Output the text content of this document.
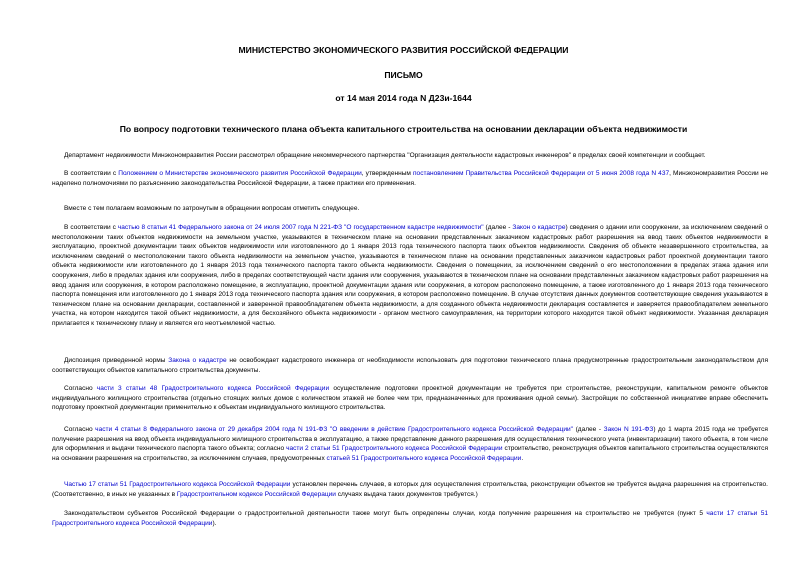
МИНИСТЕРСТВО ЭКОНОМИЧЕСКОГО РАЗВИТИЯ РОССИЙСКОЙ ФЕДЕРАЦИИ
ПИСЬМО
от 14 мая 2014 года N Д23и-1644
По вопросу подготовки технического плана объекта капитального строительства на основании декларации объекта недвижимости

Департамент недвижимости Минэкономразвития России рассмотрел обращение некоммерческого партнерства "Организация деятельности кадастровых инженеров" в пределах своей компетенции и сообщает.

В соответствии с Положением о Министерстве экономического развития Российской Федерации, утвержденным постановлением Правительства Российской Федерации от 5 июня 2008 года N 437, Минэкономразвития России не наделено полномочиями по разъяснению законодательства Российской Федерации, а также практики его применения.

Вместе с тем полагаем возможным по затронутым в обращении вопросам отметить следующее.

В соответствии с частью 8 статьи 41 Федерального закона от 24 июля 2007 года N 221-ФЗ "О государственном кадастре недвижимости" (далее - Закон о кадастре) сведения о здании или сооружении, за исключением сведений о местоположении таких объектов недвижимости на земельном участке, указываются в техническом плане на основании представленных заказчиком кадастровых работ разрешения на ввод таких объектов недвижимости в эксплуатацию, проектной документации таких объектов недвижимости или изготовленного до 1 января 2013 года технического паспорта таких объектов недвижимости. Сведения об объекте незавершенного строительства, за исключением сведений о местоположении такого объекта недвижимости на земельном участке, указываются в техническом плане на основании представленных заказчиком кадастровых работ проектной документации такого объекта недвижимости или изготовленного до 1 января 2013 года технического паспорта такого объекта недвижимости. Сведения о помещении, за исключением сведений о его местоположении в пределах этажа здания или сооружения, либо в пределах здания или сооружения, либо в пределах соответствующей части здания или сооружения, указываются в техническом плане на основании представленных заказчиком кадастровых работ разрешения на ввод здания или сооружения, в котором расположено помещение, в эксплуатацию, проектной документации здания или сооружения, в котором расположено помещение, а также изготовленного до 1 января 2013 года технического паспорта помещения или изготовленного до 1 января 2013 года технического паспорта здания или сооружения, в котором расположено помещение. В случае отсутствия данных документов соответствующие сведения указываются в техническом плане на основании декларации, составленной и заверенной правообладателем объекта недвижимости, а для созданного объекта недвижимости декларация составляется и заверяется правообладателем земельного участка, на котором находится такой объект недвижимости, а для бесхозяйного объекта недвижимости - органом местного самоуправления, на территории которого находится такой объект недвижимости. Указанная декларация прилагается к техническому плану и является его неотъемлемой частью.

Диспозиция приведенной нормы Закона о кадастре не освобождает кадастрового инженера от необходимости использовать для подготовки технического плана предусмотренные градостроительным законодательством для соответствующих объектов капитального строительства документы.

Согласно части 3 статьи 48 Градостроительного кодекса Российской Федерации осуществление подготовки проектной документации не требуется при строительстве, реконструкции, капитальном ремонте объектов индивидуального жилищного строительства (отдельно стоящих жилых домов с количеством этажей не более чем три, предназначенных для проживания одной семьи). Застройщик по собственной инициативе вправе обеспечить подготовку проектной документации применительно к объектам индивидуального жилищного строительства.

Согласно части 4 статьи 8 Федерального закона от 29 декабря 2004 года N 191-ФЗ "О введении в действие Градостроительного кодекса Российской Федерации" (далее - Закон N 191-ФЗ) до 1 марта 2015 года не требуется получение разрешения на ввод объекта индивидуального жилищного строительства в эксплуатацию, а также представление данного разрешения для осуществления технического учета (инвентаризации) такого объекта, в том числе для оформления и выдачи технического паспорта такого объекта; согласно части 2 статьи 51 Градостроительного кодекса Российской Федерации строительство, реконструкция объектов капитального строительства осуществляются на основании разрешения на строительство, за исключением случаев, предусмотренных статьей 51 Градостроительного кодекса Российской Федерации.

Частью 17 статьи 51 Градостроительного кодекса Российской Федерации установлен перечень случаев, в которых для осуществления строительства, реконструкции объектов не требуется выдача разрешения на строительство. (Соответственно, в иных не указанных в Градостроительном кодексе Российской Федерации случаях выдача таких документов требуется.)

Законодательством субъектов Российской Федерации о градостроительной деятельности также могут быть определены случаи, когда получение разрешения на строительство не требуется (пункт 5 части 17 статьи 51 Градостроительного кодекса Российской Федерации).
